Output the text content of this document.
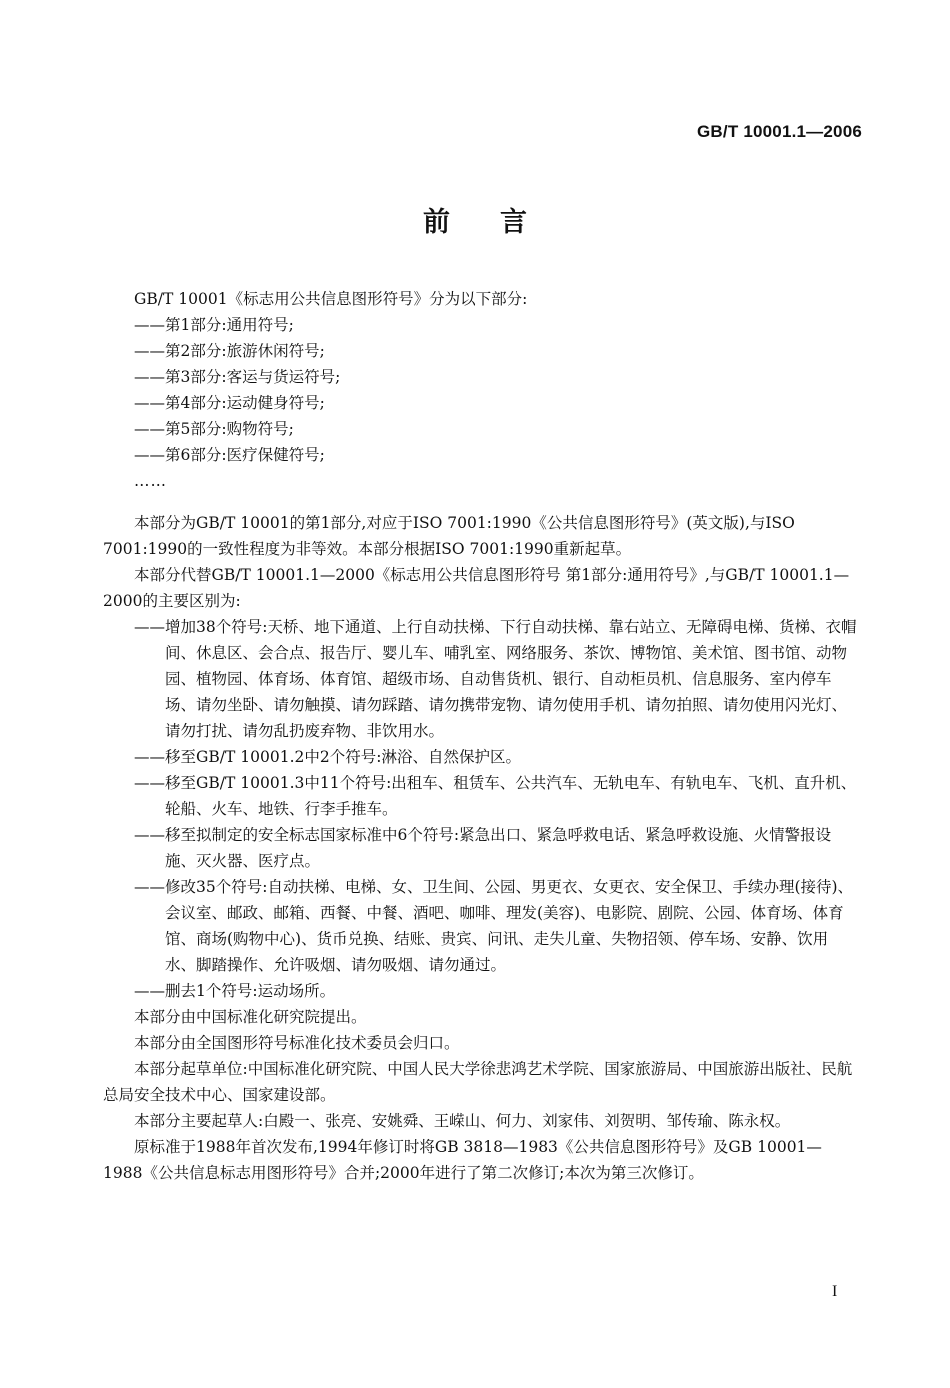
GB/T 10001.1—2006
前言

GB/T 10001《标志用公共信息图形符号》分为以下部分:

——第1部分:通用符号;

——第2部分:旅游休闲符号;

——第3部分:客运与货运符号;

——第4部分:运动健身符号;

——第5部分:购物符号;

——第6部分:医疗保健符号;

……

本部分为GB/T 10001的第1部分,对应于ISO 7001:1990《公共信息图形符号》(英文版),与ISO 7001:1990的一致性程度为非等效。本部分根据ISO 7001:1990重新起草。

本部分代替GB/T 10001.1—2000《标志用公共信息图形符号 第1部分:通用符号》,与GB/T 10001.1—2000的主要区别为:

——增加38个符号:天桥、地下通道、上行自动扶梯、下行自动扶梯、靠右站立、无障碍电梯、货梯、衣帽间、休息区、会合点、报告厅、婴儿车、哺乳室、网络服务、茶饮、博物馆、美术馆、图书馆、动物园、植物园、体育场、体育馆、超级市场、自动售货机、银行、自动柜员机、信息服务、室内停车场、请勿坐卧、请勿触摸、请勿踩踏、请勿携带宠物、请勿使用手机、请勿拍照、请勿使用闪光灯、请勿打扰、请勿乱扔废弃物、非饮用水。

——移至GB/T 10001.2中2个符号:淋浴、自然保护区。

——移至GB/T 10001.3中11个符号:出租车、租赁车、公共汽车、无轨电车、有轨电车、飞机、直升机、轮船、火车、地铁、行李手推车。

——移至拟制定的安全标志国家标准中6个符号:紧急出口、紧急呼救电话、紧急呼救设施、火情警报设施、灭火器、医疗点。

——修改35个符号:自动扶梯、电梯、女、卫生间、公园、男更衣、女更衣、安全保卫、手续办理(接待)、会议室、邮政、邮箱、西餐、中餐、酒吧、咖啡、理发(美容)、电影院、剧院、公园、体育场、体育馆、商场(购物中心)、货币兑换、结账、贵宾、问讯、走失儿童、失物招领、停车场、安静、饮用水、脚踏操作、允许吸烟、请勿吸烟、请勿通过。

——删去1个符号:运动场所。

本部分由中国标准化研究院提出。

本部分由全国图形符号标准化技术委员会归口。

本部分起草单位:中国标准化研究院、中国人民大学徐悲鸿艺术学院、国家旅游局、中国旅游出版社、民航总局安全技术中心、国家建设部。

本部分主要起草人:白殿一、张亮、安姚舜、王嵘山、何力、刘家伟、刘贺明、邹传瑜、陈永权。

原标准于1988年首次发布,1994年修订时将GB 3818—1983《公共信息图形符号》及GB 10001—1988《公共信息标志用图形符号》合并;2000年进行了第二次修订;本次为第三次修订。

I
